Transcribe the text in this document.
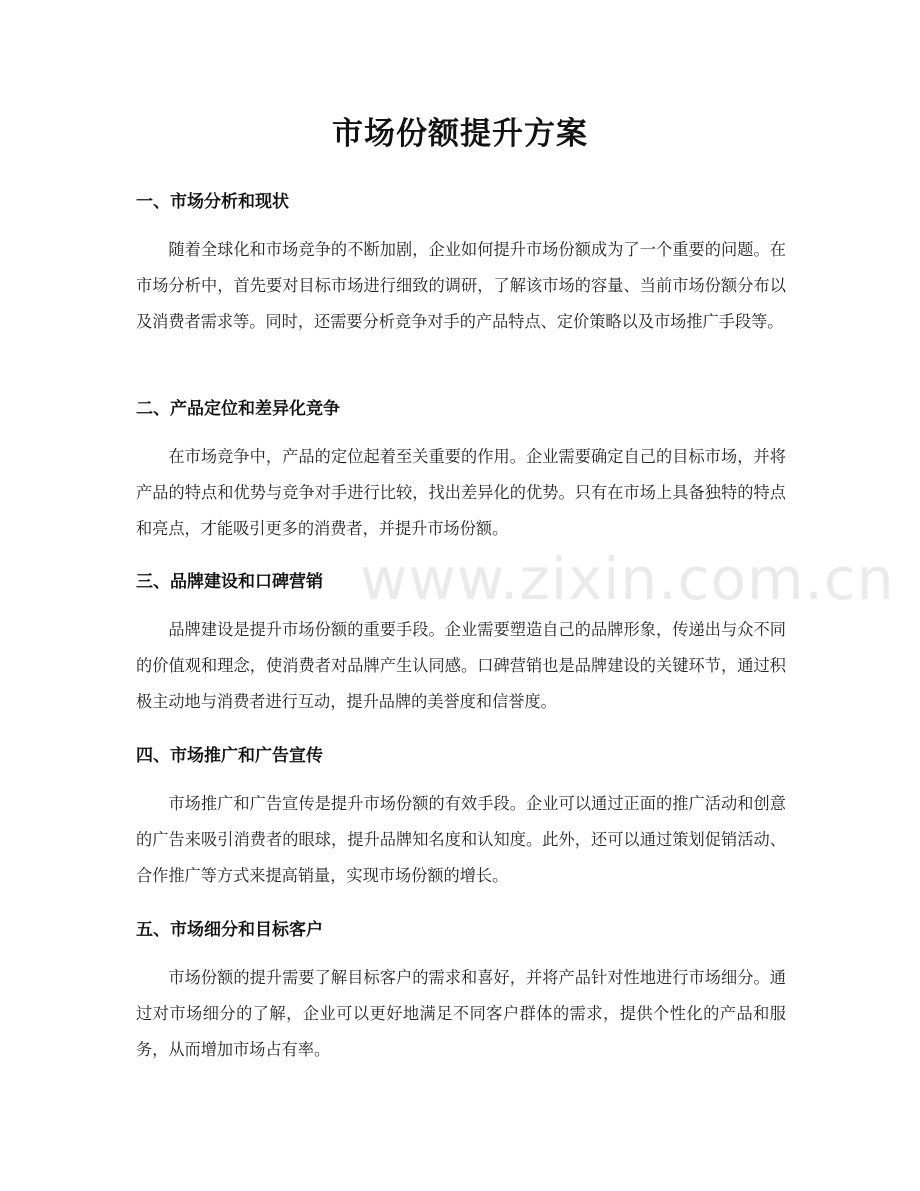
市场份额提升方案
一、市场分析和现状

随着全球化和市场竞争的不断加剧，企业如何提升市场份额成为了一个重要的问题。在市场分析中，首先要对目标市场进行细致的调研，了解该市场的容量、当前市场份额分布以及消费者需求等。同时，还需要分析竞争对手的产品特点、定价策略以及市场推广手段等。

二、产品定位和差异化竞争

在市场竞争中，产品的定位起着至关重要的作用。企业需要确定自己的目标市场，并将产品的特点和优势与竞争对手进行比较，找出差异化的优势。只有在市场上具备独特的特点和亮点，才能吸引更多的消费者，并提升市场份额。

三、品牌建设和口碑营销

品牌建设是提升市场份额的重要手段。企业需要塑造自己的品牌形象，传递出与众不同的价值观和理念，使消费者对品牌产生认同感。口碑营销也是品牌建设的关键环节，通过积极主动地与消费者进行互动，提升品牌的美誉度和信誉度。

四、市场推广和广告宣传

市场推广和广告宣传是提升市场份额的有效手段。企业可以通过正面的推广活动和创意的广告来吸引消费者的眼球，提升品牌知名度和认知度。此外，还可以通过策划促销活动、合作推广等方式来提高销量，实现市场份额的增长。

五、市场细分和目标客户

市场份额的提升需要了解目标客户的需求和喜好，并将产品针对性地进行市场细分。通过对市场细分的了解，企业可以更好地满足不同客户群体的需求，提供个性化的产品和服务，从而增加市场占有率。

www.zixin.com.cn
